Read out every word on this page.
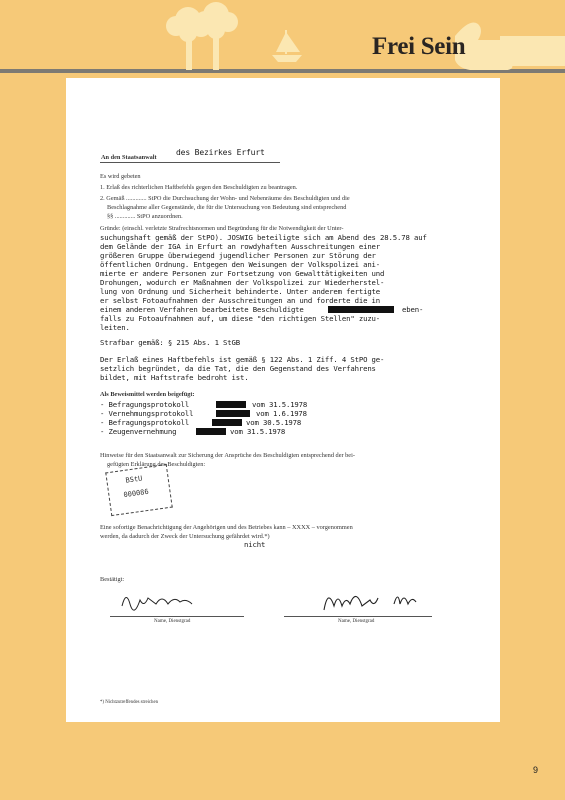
Frei Sein
An den Staatsanwalt
des Bezirkes Erfurt
Es wird gebeten
1. Erlaß des richterlichen Haftbefehls gegen den Beschuldigten zu beantragen.
2. Gemäß ............. StPO die Durchsuchung der Wohn- und Nebenräume des Beschuldigten und die
Beschlagnahme aller Gegenstände, die für die Untersuchung von Bedeutung sind entsprechend
§§ ............. StPO anzuordnen.
Gründe: (einschl. verletzte Strafrechtsnormen und Begründung für die Notwendigkeit der Unter-
suchungshaft gemäß der StPO). JOSWIG beteiligte sich am Abend des 28.5.78 auf
dem Gelände der IGA in Erfurt an rowdyhaften Ausschreitungen einer
größeren Gruppe überwiegend jugendlicher Personen zur Störung der
öffentlichen Ordnung. Entgegen den Weisungen der Volkspolizei ani-
mierte er andere Personen zur Fortsetzung von Gewalttätigkeiten und
Drohungen, wodurch er Maßnahmen der Volkspolizei zur Wiederherstel-
lung von Ordnung und Sicherheit behinderte. Unter anderem fertigte
er selbst Fotoaufnahmen der Ausschreitungen an und forderte die in
einem anderen Verfahren bearbeitete Beschuldigte	eben-
falls zu Fotoaufnahmen auf, um diese "den richtigen Stellen" zuzu-
leiten.
Strafbar gemäß: § 215 Abs. 1 StGB
Der Erlaß eines Haftbefehls ist gemäß § 122 Abs. 1 Ziff. 4 StPO ge-
setzlich begründet, da die Tat, die den Gegenstand des Verfahrens
bildet, mit Haftstrafe bedroht ist.
Als Beweismittel werden beigefügt:
- Befragungsprotokoll	vom 31.5.1978
- Vernehmungsprotokoll	vom 1.6.1978
- Befragungsprotokoll	vom 30.5.1978
- Zeugenvernehmung	vom 31.5.1978
Hinweise für den Staatsanwalt zur Sicherung der Ansprüche des Beschuldigten entsprechend der bei-
gefügten Erklärung des Beschuldigten:
BStU
000086
Eine sofortige Benachrichtigung der Angehörigen und des Betriebes kann – XXXX – vorgenommen
werden, da dadurch der Zweck der Untersuchung gefährdet wird.*)
nicht
Bestätigt:
Name, Dienstgrad	Name, Dienstgrad
*) Nichtzutreffendes streichen
9
